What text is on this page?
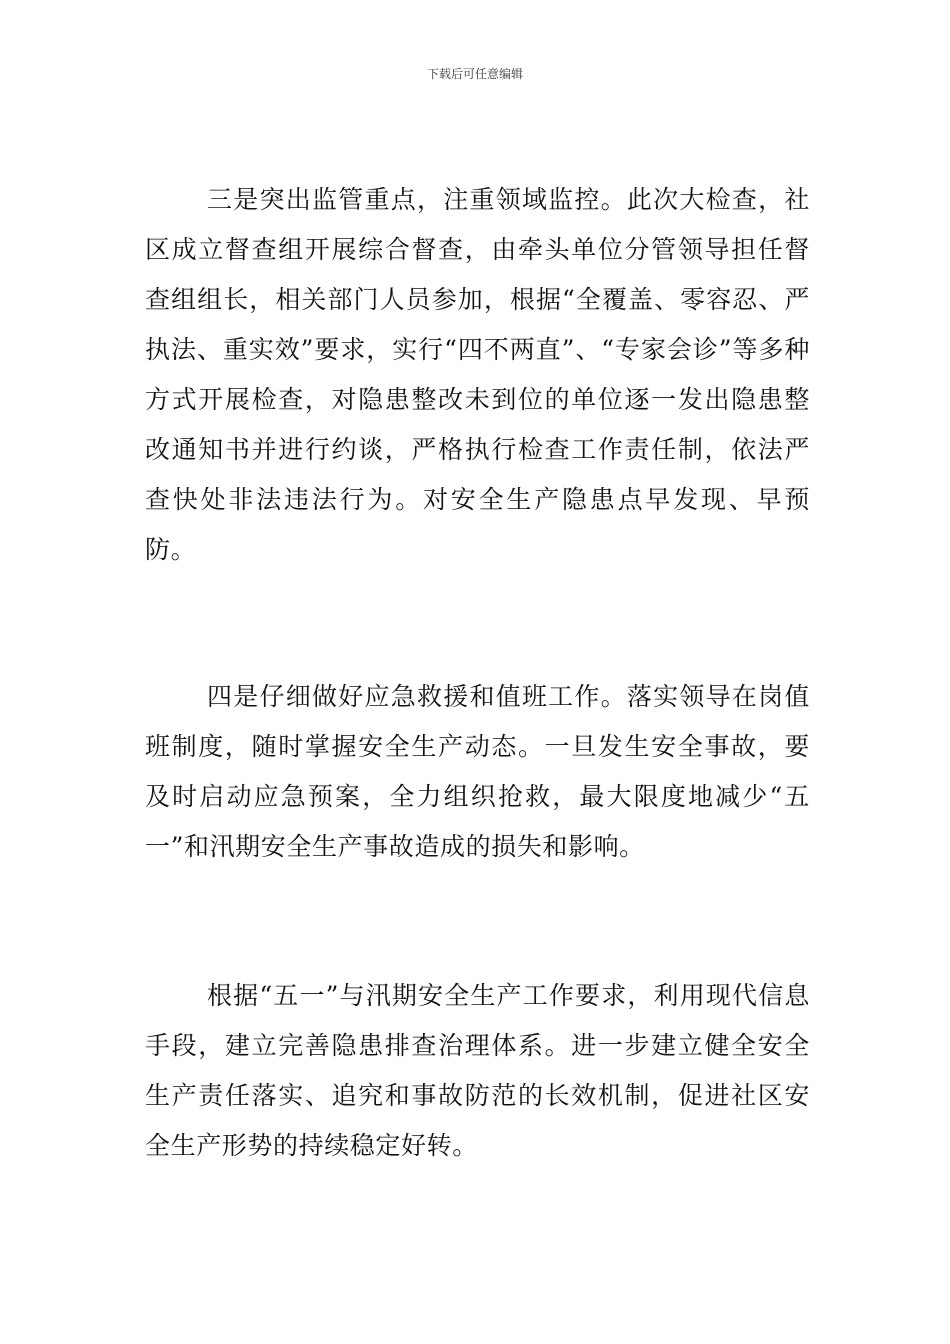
下载后可任意编辑

三是突出监管重点，注重领域监控。此次大检查，社区成立督查组开展综合督查，由牵头单位分管领导担任督查组组长，相关部门人员参加，根据“全覆盖、零容忍、严执法、重实效”要求，实行“四不两直”、“专家会诊”等多种方式开展检查，对隐患整改未到位的单位逐一发出隐患整改通知书并进行约谈，严格执行检查工作责任制，依法严查快处非法违法行为。对安全生产隐患点早发现、早预防。

四是仔细做好应急救援和值班工作。落实领导在岗值班制度，随时掌握安全生产动态。一旦发生安全事故，要及时启动应急预案，全力组织抢救，最大限度地减少“五一”和汛期安全生产事故造成的损失和影响。

根据“五一”与汛期安全生产工作要求，利用现代信息手段，建立完善隐患排查治理体系。进一步建立健全安全生产责任落实、追究和事故防范的长效机制，促进社区安全生产形势的持续稳定好转。
